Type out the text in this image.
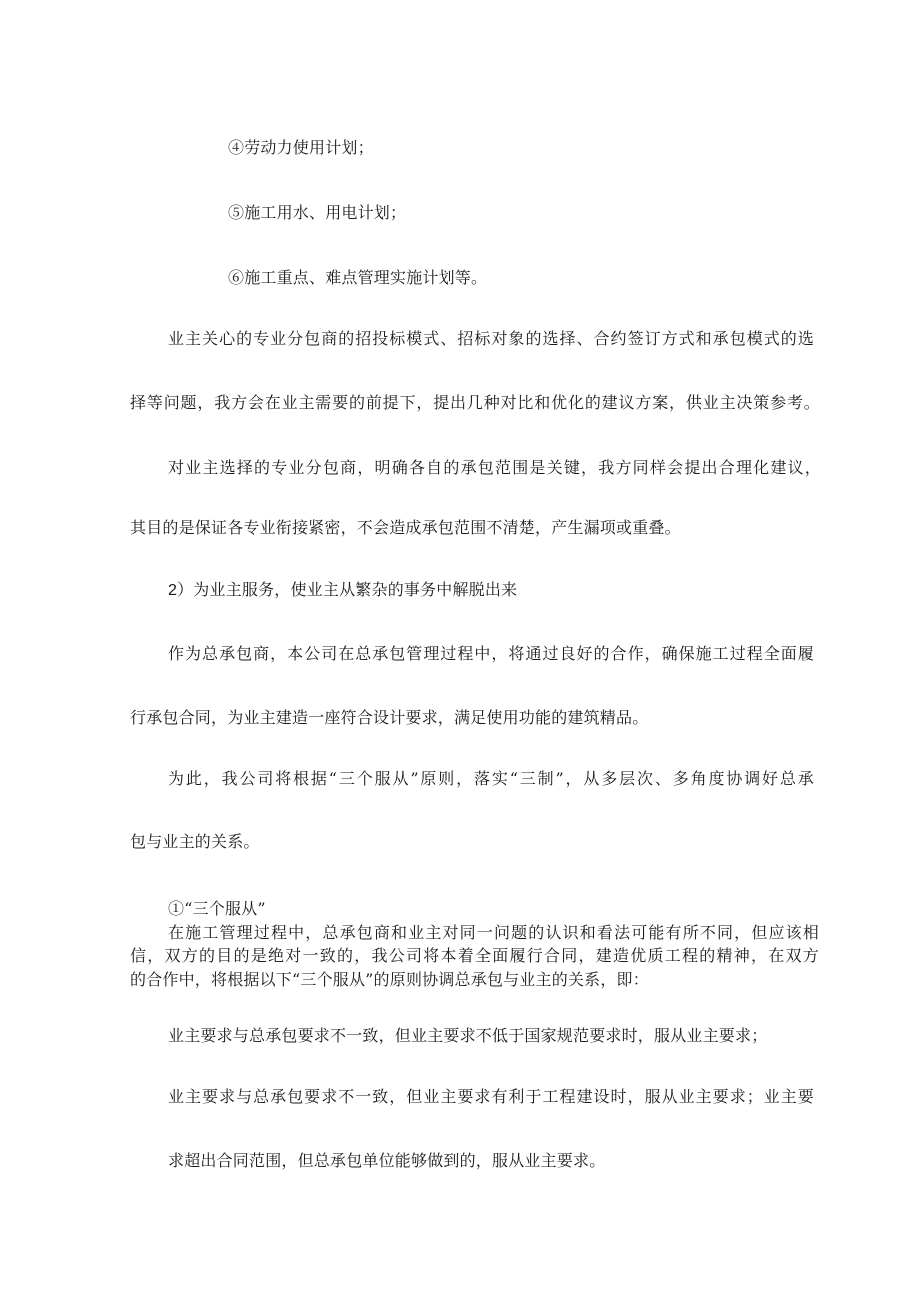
④劳动力使用计划；
⑤施工用水、用电计划；
⑥施工重点、难点管理实施计划等。
业主关心的专业分包商的招投标模式、招标对象的选择、合约签订方式和承包模式的选
择等问题，我方会在业主需要的前提下，提出几种对比和优化的建议方案，供业主决策参考。
对业主选择的专业分包商，明确各自的承包范围是关键，我方同样会提出合理化建议，
其目的是保证各专业衔接紧密，不会造成承包范围不清楚，产生漏项或重叠。
2）为业主服务，使业主从繁杂的事务中解脱出来
作为总承包商，本公司在总承包管理过程中，将通过良好的合作，确保施工过程全面履
行承包合同，为业主建造一座符合设计要求，满足使用功能的建筑精品。
为此，我公司将根据“三个服从”原则，落实“三制”，从多层次、多角度协调好总承
包与业主的关系。
①“三个服从”
在施工管理过程中，总承包商和业主对同一问题的认识和看法可能有所不同，但应该相
信，双方的目的是绝对一致的，我公司将本着全面履行合同，建造优质工程的精神，在双方
的合作中，将根据以下“三个服从”的原则协调总承包与业主的关系，即：
业主要求与总承包要求不一致，但业主要求不低于国家规范要求时，服从业主要求；
业主要求与总承包要求不一致，但业主要求有利于工程建设时，服从业主要求；业主要
求超出合同范围，但总承包单位能够做到的，服从业主要求。
